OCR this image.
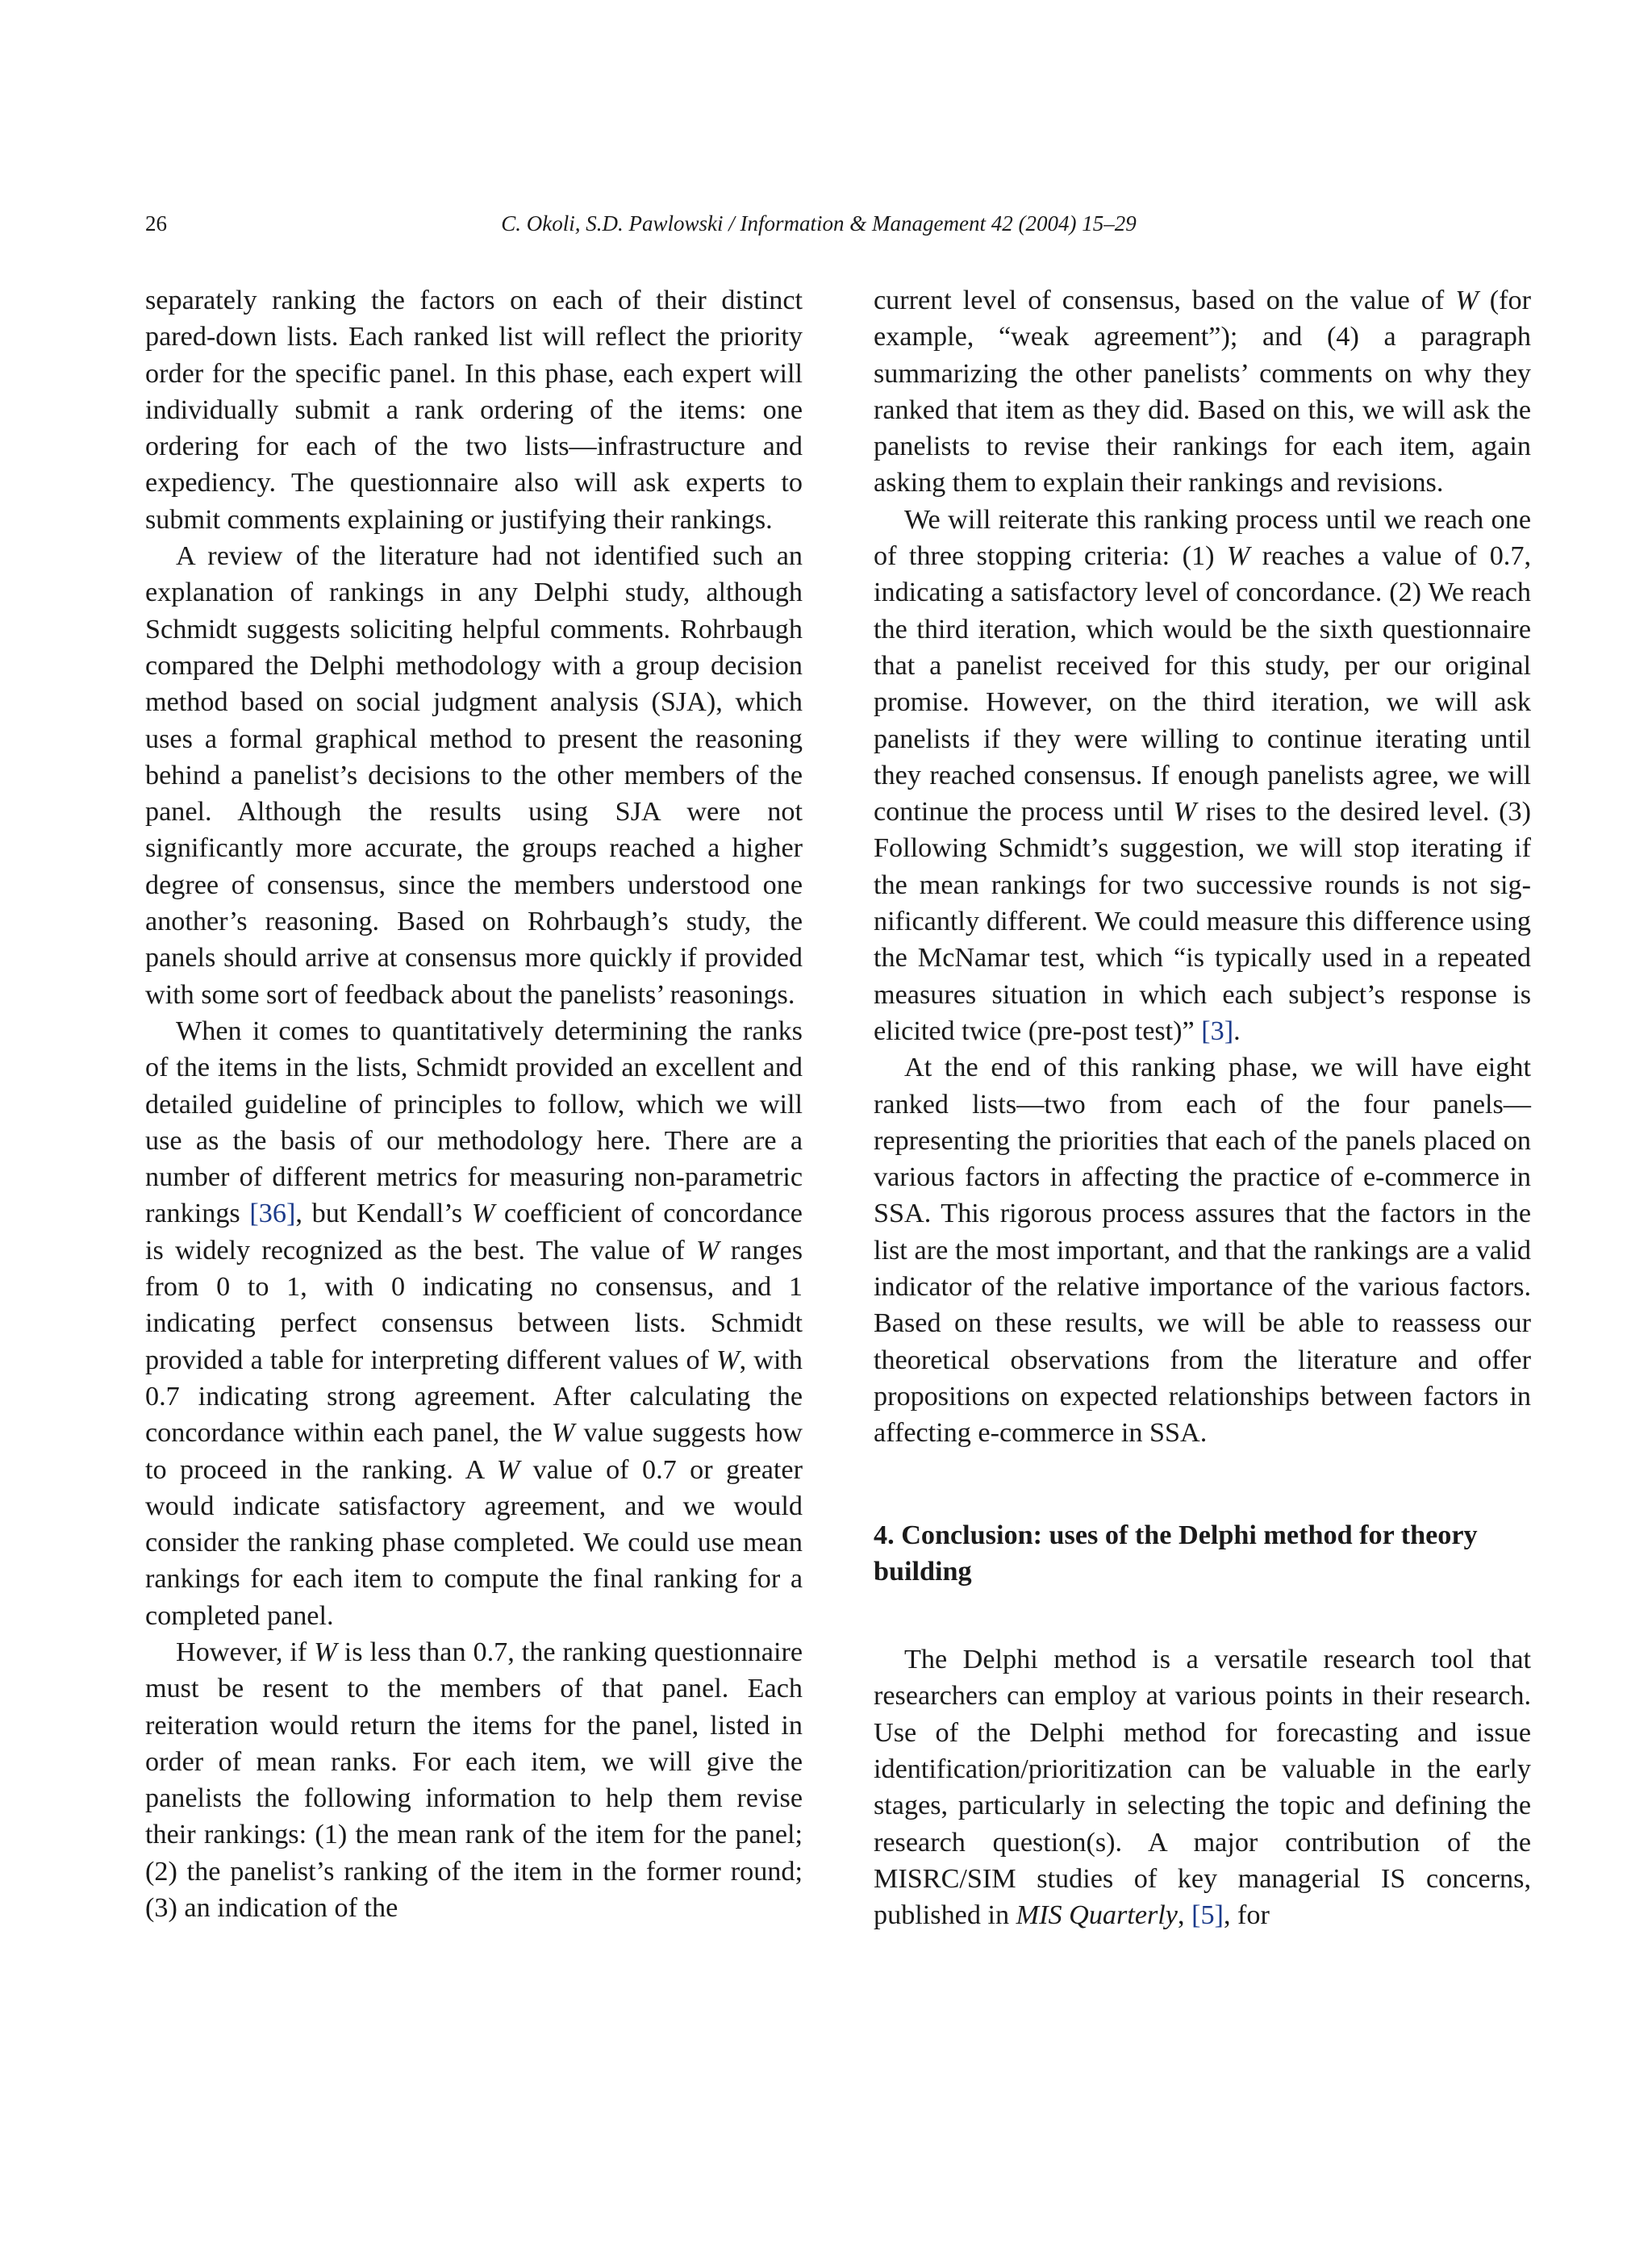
26	C. Okoli, S.D. Pawlowski / Information & Management 42 (2004) 15–29

separately ranking the factors on each of their distinct pared-down lists. Each ranked list will reflect the priority order for the specific panel. In this phase, each expert will individually submit a rank ordering of the items: one ordering for each of the two lists—infrastructure and expediency. The questionnaire also will ask experts to submit comments explaining or justifying their rankings.

A review of the literature had not identified such an explanation of rankings in any Delphi study, although Schmidt suggests soliciting helpful comments. Rohrbaugh compared the Delphi methodology with a group decision method based on social judgment analysis (SJA), which uses a formal graphical method to present the reasoning behind a panelist’s decisions to the other members of the panel. Although the results using SJA were not significantly more accurate, the groups reached a higher degree of consensus, since the members understood one another’s reasoning. Based on Rohrbaugh’s study, the panels should arrive at consensus more quickly if provided with some sort of feedback about the panelists’ reasonings.

When it comes to quantitatively determining the ranks of the items in the lists, Schmidt provided an excellent and detailed guideline of principles to follow, which we will use as the basis of our methodology here. There are a number of different metrics for measuring non-parametric rankings [36], but Kendall’s W coefficient of concordance is widely recognized as the best. The value of W ranges from 0 to 1, with 0 indicating no consensus, and 1 indicating perfect consensus between lists. Schmidt provided a table for interpreting different values of W, with 0.7 indicating strong agreement. After calculating the concordance within each panel, the W value suggests how to proceed in the ranking. A W value of 0.7 or greater would indicate satisfactory agreement, and we would consider the ranking phase completed. We could use mean rankings for each item to compute the final ranking for a completed panel.

However, if W is less than 0.7, the ranking questionnaire must be resent to the members of that panel. Each reiteration would return the items for the panel, listed in order of mean ranks. For each item, we will give the panelists the following information to help them revise their rankings: (1) the mean rank of the item for the panel; (2) the panelist’s ranking of the item in the former round; (3) an indication of the

current level of consensus, based on the value of W (for example, “weak agreement”); and (4) a paragraph summarizing the other panelists’ comments on why they ranked that item as they did. Based on this, we will ask the panelists to revise their rankings for each item, again asking them to explain their rankings and revisions.

We will reiterate this ranking process until we reach one of three stopping criteria: (1) W reaches a value of 0.7, indicating a satisfactory level of concordance. (2) We reach the third iteration, which would be the sixth questionnaire that a panelist received for this study, per our original promise. However, on the third iteration, we will ask panelists if they were willing to continue iterating until they reached consensus. If enough panelists agree, we will continue the process until W rises to the desired level. (3) Following Schmidt’s suggestion, we will stop iterating if the mean rankings for two successive rounds is not significantly different. We could measure this difference using the McNamar test, which “is typically used in a repeated measures situation in which each subject’s response is elicited twice (pre-post test)” [3].

At the end of this ranking phase, we will have eight ranked lists—two from each of the four panels—representing the priorities that each of the panels placed on various factors in affecting the practice of e-commerce in SSA. This rigorous process assures that the factors in the list are the most important, and that the rankings are a valid indicator of the relative importance of the various factors. Based on these results, we will be able to reassess our theoretical observations from the literature and offer propositions on expected relationships between factors in affecting e-commerce in SSA.

4. Conclusion: uses of the Delphi method for theory building

The Delphi method is a versatile research tool that researchers can employ at various points in their research. Use of the Delphi method for forecasting and issue identification/prioritization can be valuable in the early stages, particularly in selecting the topic and defining the research question(s). A major contribution of the MISRC/SIM studies of key managerial IS concerns, published in MIS Quarterly, [5], for
